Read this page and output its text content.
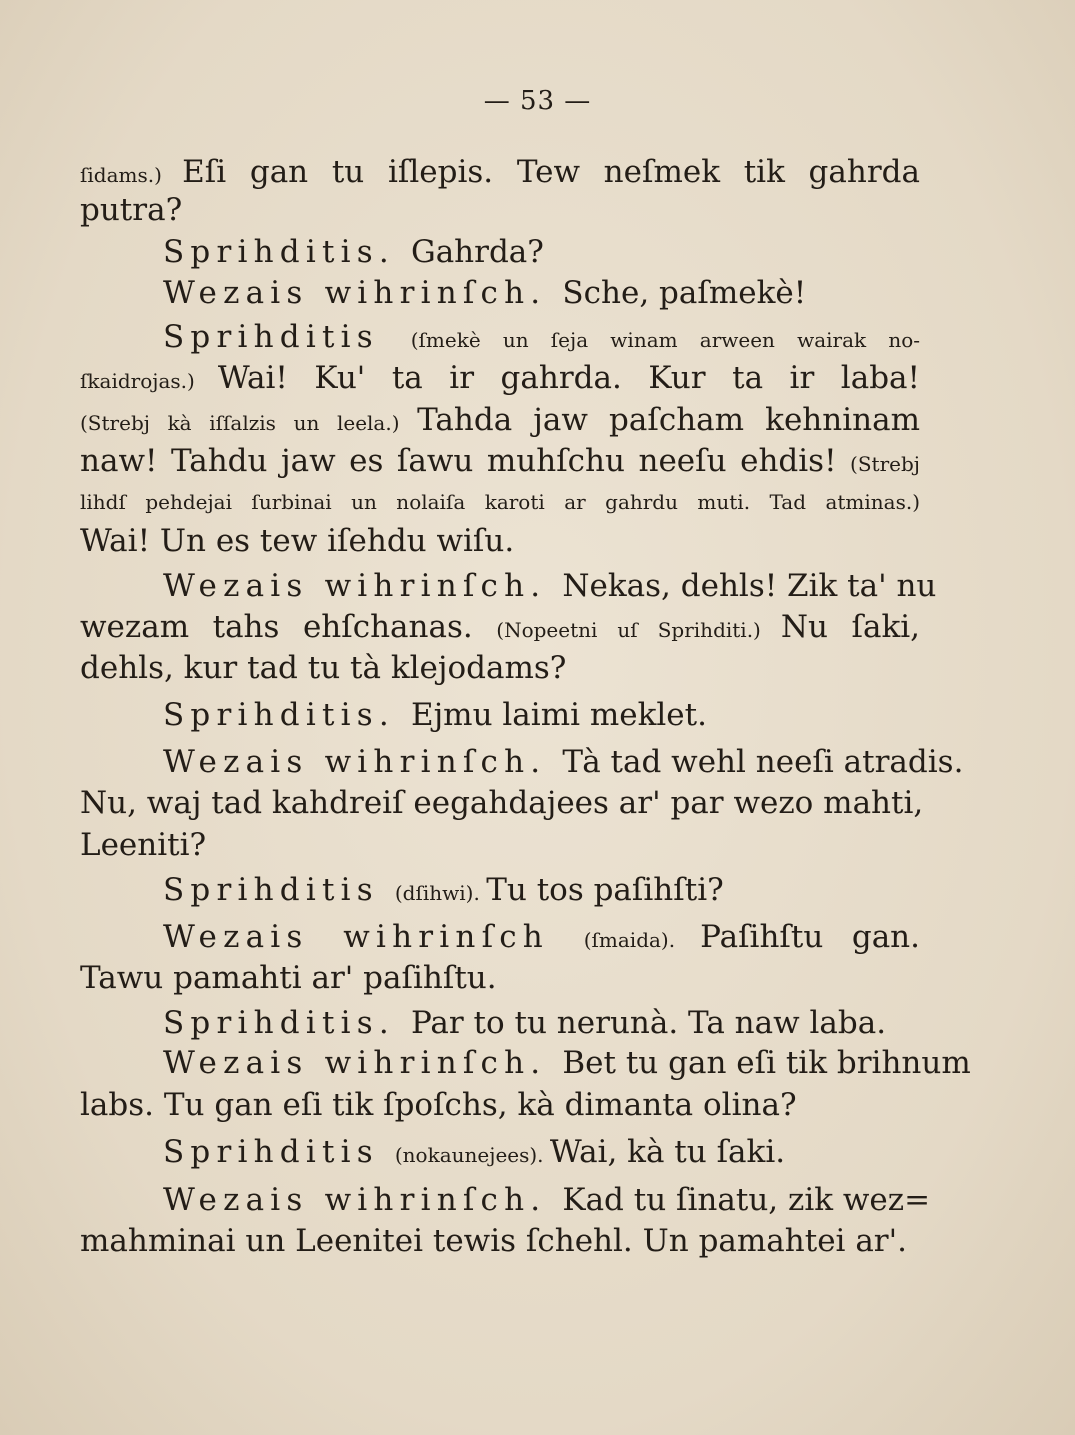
— 53 —
ſidams.) Eſi gan tu iſlepis. Tew neſmek tik gahrda
putra?
Sprihditis. Gahrda?
Wezais wihrinſch. Sche, paſmekè!
Sprihditis (ſmekè un ſeja winam arween wairak no-
ſkaidrojas.) Wai! Ku' ta ir gahrda. Kur ta ir laba!
(Strebj kà iſſalzis un leela.) Tahda jaw paſcham kehninam
naw! Tahdu jaw es ſawu muhſchu neeſu ehdis! (Strebj
lihdſ pehdejai ſurbinai un nolaiſa karoti ar gahrdu muti. Tad atminas.)
Wai! Un es tew iſehdu wiſu.
Wezais wihrinſch. Nekas, dehls! Zik ta' nu
wezam tahs ehſchanas. (Nopeetni uſ Sprihditi.) Nu ſaki,
dehls, kur tad tu tà klejodams?
Sprihditis. Ejmu laimi meklet.
Wezais wihrinſch. Tà tad wehl neeſi atradis.
Nu, waj tad kahdreiſ eegahdajees ar' par wezo mahti,
Leeniti?
Sprihditis (dſihwi). Tu tos paſihſti?
Wezais wihrinſch (ſmaida). Paſihſtu gan.
Tawu pamahti ar' paſihſtu.
Sprihditis. Par to tu nerunà. Ta naw laba.
Wezais wihrinſch. Bet tu gan eſi tik brihnum
labs. Tu gan eſi tik ſpoſchs, kà dimanta olina?
Sprihditis (nokaunejees). Wai, kà tu ſaki.
Wezais wihrinſch. Kad tu ſinatu, zik wez=
mahminai un Leenitei tewis ſchehl. Un pamahtei ar'.
